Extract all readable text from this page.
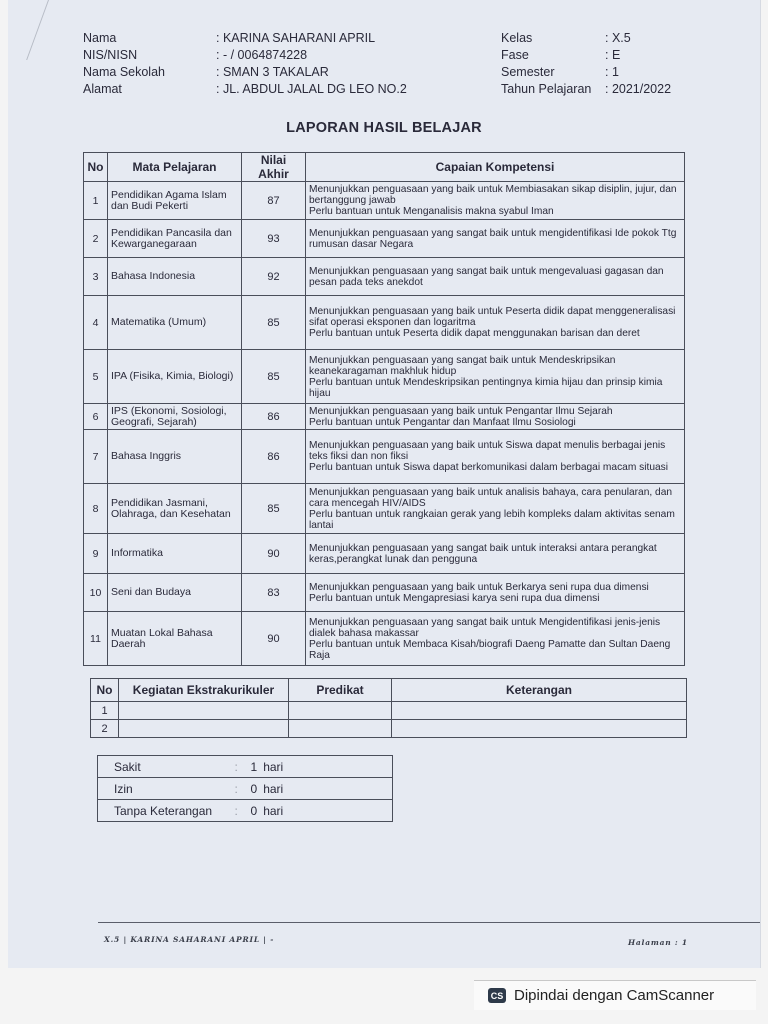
Nama	: KARINA SAHARANI APRIL
NIS/NISN	: - / 0064874228
Nama Sekolah	: SMAN 3 TAKALAR
Alamat	: JL. ABDUL JALAL DG LEO NO.2
Kelas	: X.5
Fase	: E
Semester	: 1
Tahun Pelajaran : 2021/2022
LAPORAN HASIL BELAJAR
No	Mata Pelajaran	Nilai Akhir	Capaian Kompetensi
1	Pendidikan Agama Islam dan Budi Pekerti	87	Menunjukkan penguasaan yang baik untuk Membiasakan sikap disiplin, jujur, dan bertanggung jawab
Perlu bantuan untuk Menganalisis makna syabul Iman
2	Pendidikan Pancasila dan Kewarganegaraan	93	Menunjukkan penguasaan yang sangat baik untuk mengidentifikasi Ide pokok Ttg rumusan dasar Negara
3	Bahasa Indonesia	92	Menunjukkan penguasaan yang sangat baik untuk mengevaluasi gagasan dan pesan pada teks anekdot
4	Matematika (Umum)	85	Menunjukkan penguasaan yang baik untuk Peserta didik dapat menggeneralisasi sifat operasi eksponen dan logaritma
Perlu bantuan untuk Peserta didik dapat menggunakan barisan dan deret
5	IPA (Fisika, Kimia, Biologi)	85	Menunjukkan penguasaan yang sangat baik untuk Mendeskripsikan keanekaragaman makhluk hidup
Perlu bantuan untuk Mendeskripsikan pentingnya kimia hijau dan prinsip kimia hijau
6	IPS (Ekonomi, Sosiologi, Geografi, Sejarah)	86	Menunjukkan penguasaan yang baik untuk Pengantar Ilmu Sejarah
Perlu bantuan untuk Pengantar dan Manfaat Ilmu Sosiologi
7	Bahasa Inggris	86	Menunjukkan penguasaan yang baik untuk Siswa dapat menulis berbagai jenis teks fiksi dan non fiksi
Perlu bantuan untuk Siswa dapat berkomunikasi dalam berbagai macam situasi
8	Pendidikan Jasmani, Olahraga, dan Kesehatan	85	Menunjukkan penguasaan yang baik untuk analisis bahaya, cara penularan, dan cara mencegah HIV/AIDS
Perlu bantuan untuk rangkaian gerak yang lebih kompleks dalam aktivitas senam lantai
9	Informatika	90	Menunjukkan penguasaan yang sangat baik untuk interaksi antara perangkat keras,perangkat lunak dan pengguna
10	Seni dan Budaya	83	Menunjukkan penguasaan yang baik untuk Berkarya seni rupa dua dimensi
Perlu bantuan untuk Mengapresiasi karya seni rupa dua dimensi
11	Muatan Lokal Bahasa Daerah	90	Menunjukkan penguasaan yang sangat baik untuk Mengidentifikasi jenis-jenis dialek bahasa makassar
Perlu bantuan untuk Membaca Kisah/biografi Daeng Pamatte dan Sultan Daeng Raja
No	Kegiatan Ekstrakurikuler	Predikat	Keterangan
1			
2			
Sakit	:	1 hari
Izin	:	0 hari
Tanpa Keterangan	:	0 hari
X.5 | KARINA SAHARANI APRIL | -	Halaman : 1
CS Dipindai dengan CamScanner
